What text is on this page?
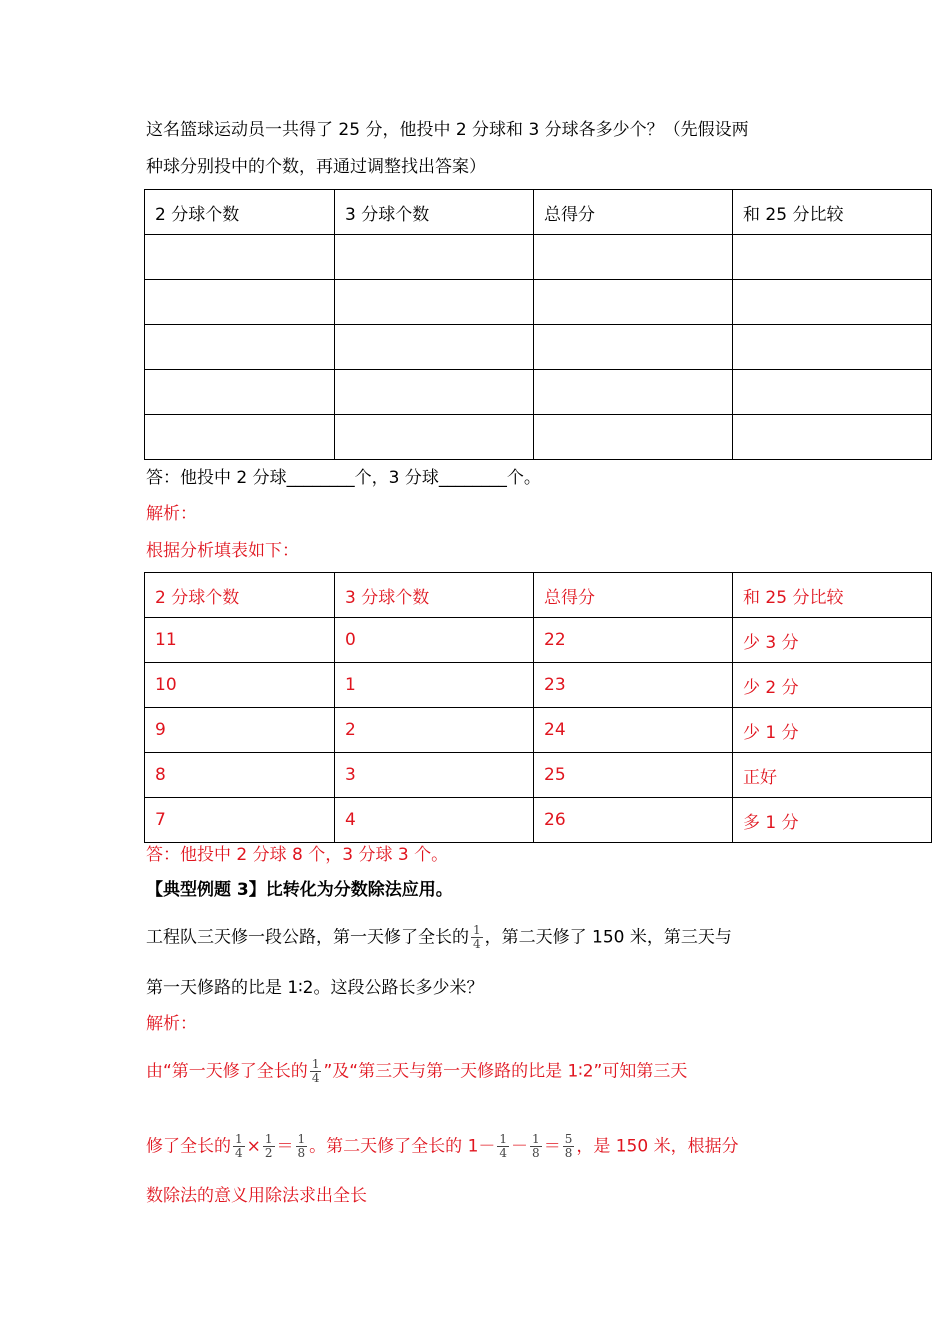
这名篮球运动员一共得了 25 分，他投中 2 分球和 3 分球各多少个？（先假设两
种球分别投中的个数，再通过调整找出答案）
2 分球个数	3 分球个数	总得分	和 25 分比较

答：他投中 2 分球________个，3 分球________个。
解析：
根据分析填表如下：
2 分球个数	3 分球个数	总得分	和 25 分比较
11	0	22	少 3 分
10	1	23	少 2 分
9	2	24	少 1 分
8	3	25	正好
7	4	26	多 1 分
答：他投中 2 分球 8 个，3 分球 3 个。
【典型例题 3】比转化为分数除法应用。
工程队三天修一段公路，第一天修了全长的 $\frac{1}{4}$ ，第二天修了 150 米，第三天与
第一天修路的比是 1∶2。这段公路长多少米？
解析：
由“第一天修了全长的 $\frac{1}{4}$ ”及“第三天与第一天修路的比是 1∶2”可知第三天
修了全长的 $\frac{1}{4} \times \frac{1}{2} = \frac{1}{8}$ 。第二天修了全长的 $1- \frac{1}{4} - \frac{1}{8} = \frac{5}{8}$ ，是 150 米，根据分
数除法的意义用除法求出全长
